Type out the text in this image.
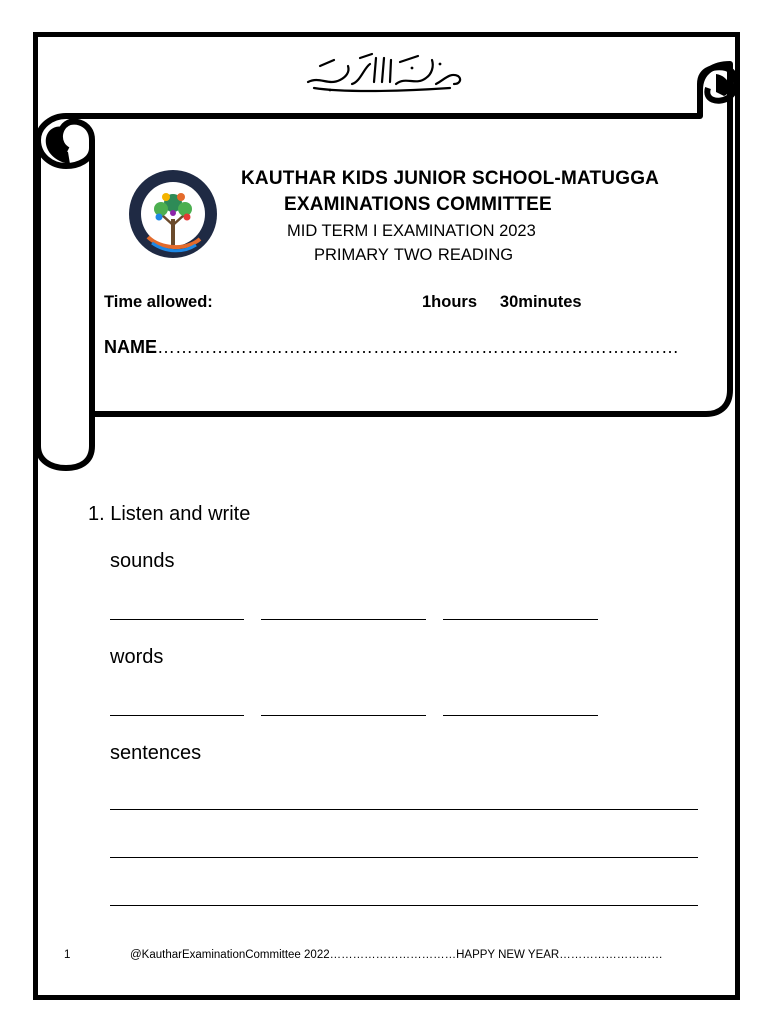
KAUTHAR KIDS JUNIOR SCHOOL-MATUGGA
EXAMINATIONS COMMITTEE
MID TERM I EXAMINATION 2023
PRIMARY TWO READING
Time allowed:	1hours     30minutes
NAME……………………………………………………………………………
1. Listen and write
sounds
words
sentences
1	@KautharExaminationCommittee 2022……………………………HAPPY NEW YEAR………………………
